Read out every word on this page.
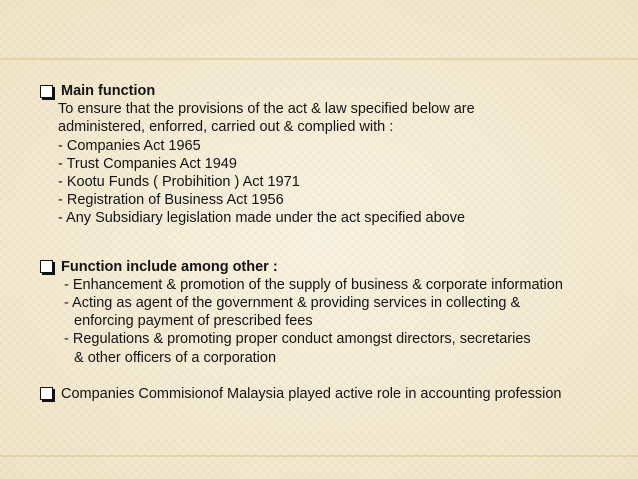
Main function
To ensure that the provisions of the act & law specified below are
administered, enforred, carried out & complied with :
- Companies Act 1965
- Trust Companies Act 1949
- Kootu Funds ( Probihition ) Act 1971
- Registration of Business Act 1956
- Any Subsidiary legislation made under the act specified above
Function include among other :
- Enhancement & promotion of the supply of business & corporate information
- Acting as agent of the government & providing services in collecting &
enforcing payment of prescribed fees
- Regulations & promoting proper conduct amongst directors, secretaries
& other officers of a corporation
Companies Commisionof Malaysia played active role in accounting profession
